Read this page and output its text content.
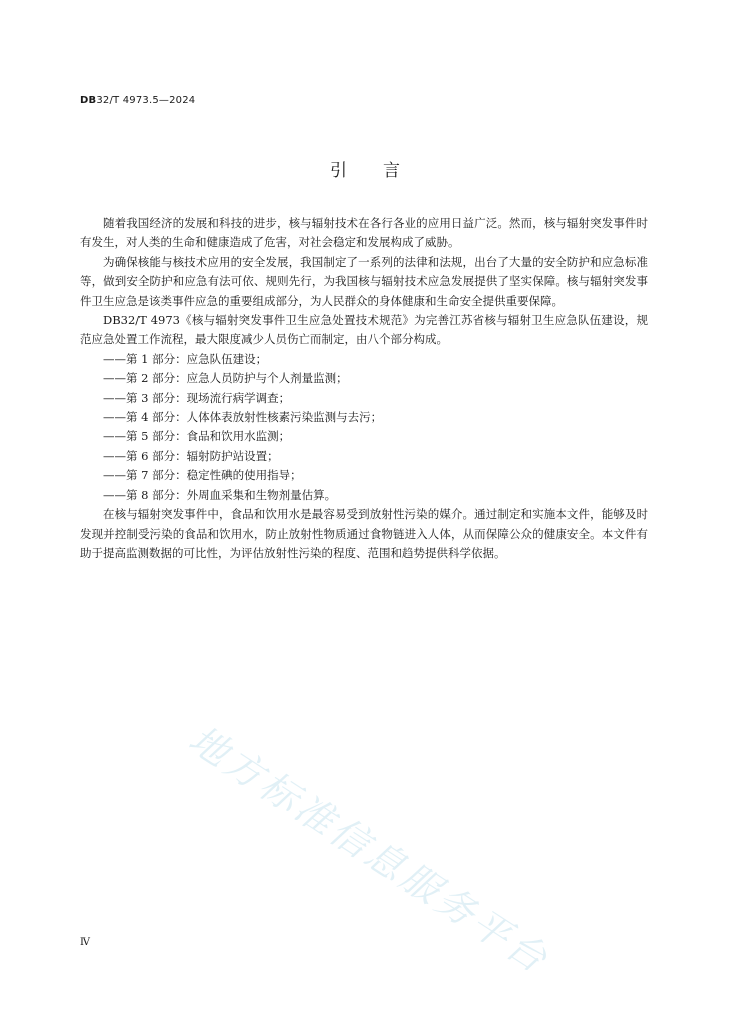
DB32/T 4973.5—2024
引言

随着我国经济的发展和科技的进步，核与辐射技术在各行各业的应用日益广泛。然而，核与辐射突发事件时有发生，对人类的生命和健康造成了危害，对社会稳定和发展构成了威胁。

为确保核能与核技术应用的安全发展，我国制定了一系列的法律和法规，出台了大量的安全防护和应急标准等，做到安全防护和应急有法可依、规则先行，为我国核与辐射技术应急发展提供了坚实保障。核与辐射突发事件卫生应急是该类事件应急的重要组成部分，为人民群众的身体健康和生命安全提供重要保障。

DB32/T 4973《核与辐射突发事件卫生应急处置技术规范》为完善江苏省核与辐射卫生应急队伍建设，规范应急处置工作流程，最大限度减少人员伤亡而制定，由八个部分构成。

——第 1 部分：应急队伍建设；
——第 2 部分：应急人员防护与个人剂量监测；
——第 3 部分：现场流行病学调查；
——第 4 部分：人体体表放射性核素污染监测与去污；
——第 5 部分：食品和饮用水监测；
——第 6 部分：辐射防护站设置；
——第 7 部分：稳定性碘的使用指导；
——第 8 部分：外周血采集和生物剂量估算。

在核与辐射突发事件中，食品和饮用水是最容易受到放射性污染的媒介。通过制定和实施本文件，能够及时发现并控制受污染的食品和饮用水，防止放射性物质通过食物链进入人体，从而保障公众的健康安全。本文件有助于提高监测数据的可比性，为评估放射性污染的程度、范围和趋势提供科学依据。

地方标准信息服务平台
Ⅳ
